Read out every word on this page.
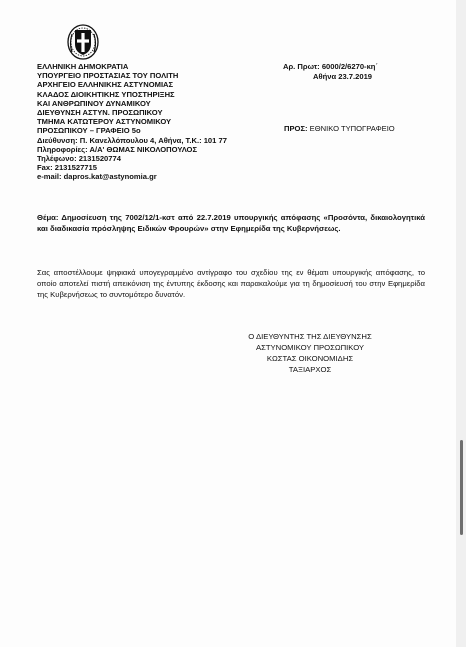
ΕΛΛΗΝΙΚΗ ΔΗΜΟΚΡΑΤΙΑ
ΥΠΟΥΡΓΕΙΟ ΠΡΟΣΤΑΣΙΑΣ ΤΟΥ ΠΟΛΙΤΗ
ΑΡΧΗΓΕΙΟ ΕΛΛΗΝΙΚΗΣ ΑΣΤΥΝΟΜΙΑΣ
ΚΛΑΔΟΣ ΔΙΟΙΚΗΤΙΚΗΣ ΥΠΟΣΤΗΡΙΞΗΣ
ΚΑΙ ΑΝΘΡΩΠΙΝΟΥ ΔΥΝΑΜΙΚΟΥ
ΔΙΕΥΘΥΝΣΗ ΑΣΤΥΝ. ΠΡΟΣΩΠΙΚΟΥ
ΤΜΗΜΑ ΚΑΤΩΤΕΡΟΥ ΑΣΤΥΝΟΜΙΚΟΥ
ΠΡΟΣΩΠΙΚΟΥ – ΓΡΑΦΕΙΟ 5ο
Διεύθυνση: Π. Κανελλόπουλου 4, Αθήνα, Τ.Κ.: 101 77
Πληροφορίες: Α/Α' ΘΩΜΑΣ ΝΙΚΟΛΟΠΟΥΛΟΣ
Τηλέφωνο: 2131520774
Fax: 2131527715
e-mail: dapros.kat@astynomia.gr
Αρ. Πρωτ: 6000/2/6270-κη΄
Αθήνα 23.7.2019
ΠΡΟΣ: ΕΘΝΙΚΟ ΤΥΠΟΓΡΑΦΕΙΟ
Θέμα: Δημοσίευση της 7002/12/1-κστ από 22.7.2019 υπουργικής απόφασης «Προσόντα, δικαιολογητικά και διαδικασία πρόσληψης Ειδικών Φρουρών» στην Εφημερίδα της Κυβερνήσεως.
Σας αποστέλλουμε ψηφιακά υπογεγραμμένο αντίγραφο του σχεδίου της εν θέματι υπουργικής απόφασης, το οποίο αποτελεί πιστή απεικόνιση της έντυπης έκδοσης και παρακαλούμε για τη δημοσίευσή του στην Εφημερίδα της Κυβερνήσεως το συντομότερο δυνατόν.
Ο ΔΙΕΥΘΥΝΤΗΣ ΤΗΣ ΔΙΕΥΘΥΝΣΗΣ
ΑΣΤΥΝΟΜΙΚΟΥ ΠΡΟΣΩΠΙΚΟΥ
ΚΩΣΤΑΣ ΟΙΚΟΝΟΜΙΔΗΣ
ΤΑΞΙΑΡΧΟΣ
